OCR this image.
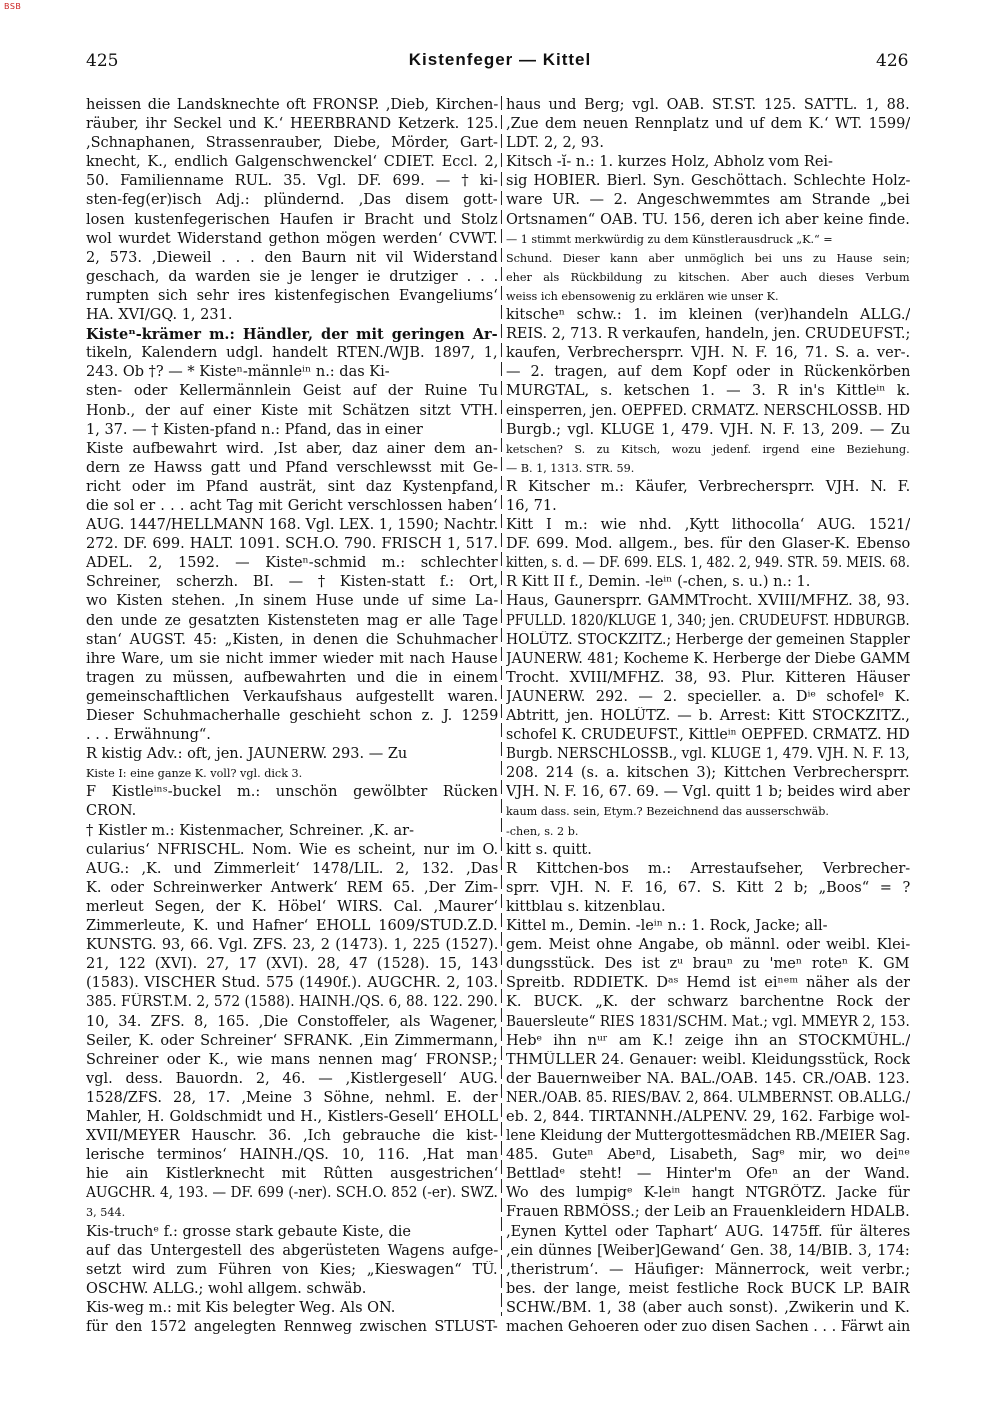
BSB
425	Kistenfeger — Kittel	426
heissen die Landsknechte oft FRONSP. ‚Dieb, Kirchen-
räuber, ihr Seckel und K.‘ HEERBRAND Ketzerk. 125.
‚Schnaphanen, Strassenrauber, Diebe, Mörder, Gart-
knecht, K., endlich Galgenschwenckel‘ CDIET. Eccl. 2,
50. Familienname RUL. 35. Vgl. DF. 699. — † ki-
sten-feg(er)isch Adj.: plündernd. ‚Das disem gott-
losen kustenfegerischen Haufen ir Bracht und Stolz
wol wurdet Widerstand gethon mögen werden‘ CVWT.
2, 573. ‚Dieweil . . . den Baurn nit vil Widerstand
geschach, da warden sie je lenger ie drutziger . . .
rumpten sich sehr ires kistenfegischen Evangeliums‘
HA. XVI/GQ. 1, 231.
Kisteⁿ-krämer m.: Händler, der mit geringen Ar-
tikeln, Kalendern udgl. handelt RTEN./WJB. 1897, 1,
243. Ob †? — * Kisteⁿ-männleⁱⁿ n.: das Ki-
sten- oder Kellermännlein Geist auf der Ruine Tu
Honb., der auf einer Kiste mit Schätzen sitzt VTH.
1, 37. — † Kisten-pfand n.: Pfand, das in einer
Kiste aufbewahrt wird. ‚Ist aber, daz ainer dem an-
dern ze Hawss gatt und Pfand verschlewsst mit Ge-
richt oder im Pfand austrät, sint daz Kystenpfand,
die sol er . . . acht Tag mit Gericht verschlossen haben‘
AUG. 1447/HELLMANN 168. Vgl. LEX. 1, 1590; Nachtr.
272. DF. 699. HALT. 1091. SCH.O. 790. FRISCH 1, 517.
ADEL. 2, 1592. — Kisteⁿ-schmid m.: schlechter
Schreiner, scherzh. BI. — † Kisten-statt f.: Ort,
wo Kisten stehen. ‚In sinem Huse unde uf sime La-
den unde ze gesatzten Kistensteten mag er alle Tage
stan‘ AUGST. 45: „Kisten, in denen die Schuhmacher
ihre Ware, um sie nicht immer wieder mit nach Hause
tragen zu müssen, aufbewahrten und die in einem
gemeinschaftlichen Verkaufshaus aufgestellt waren.
Dieser Schuhmacherhalle geschieht schon z. J. 1259
. . . Erwähnung“.
R kistig Adv.: oft, jen. JAUNERW. 293. — Zu
Kiste I: eine ganze K. voll? vgl. dick 3.
F Kistleⁱⁿˢ-buckel m.: unschön gewölbter Rücken
CRON.
† Kistler m.: Kistenmacher, Schreiner. ‚K. ar-
cularius‘ NFRISCHL. Nom. Wie es scheint, nur im O.
AUG.: ‚K. und Zimmerleit‘ 1478/LIL. 2, 132. ‚Das
K. oder Schreinwerker Antwerk‘ REM 65. ‚Der Zim-
merleut Segen, der K. Höbel‘ WIRS. Cal. ‚Maurer‘
Zimmerleute, K. und Hafner‘ EHOLL 1609/STUD.Z.D.
KUNSTG. 93, 66. Vgl. ZFS. 23, 2 (1473). 1, 225 (1527).
21, 122 (XVI). 27, 17 (XVI). 28, 47 (1528). 15, 143
(1583). VISCHER Stud. 575 (1490f.). AUGCHR. 2, 103.
385. FÜRST.M. 2, 572 (1588). HAINH./QS. 6, 88. 122. 290.
10, 34. ZFS. 8, 165. ‚Die Constoffeler, als Wagener,
Seiler, K. oder Schreiner‘ SFRANK. ‚Ein Zimmermann,
Schreiner oder K., wie mans nennen mag‘ FRONSP.;
vgl. dess. Bauordn. 2, 46. — ‚Kistlergesell‘ AUG.
1528/ZFS. 28, 17. ‚Meine 3 Söhne, nehml. E. der
Mahler, H. Goldschmidt und H., Kistlers-Gesell‘ EHOLL
XVII/MEYER Hauschr. 36. ‚Ich gebrauche die kist-
lerische terminos‘ HAINH./QS. 10, 116. ‚Hat man
hie ain Kistlerknecht mit Rûtten ausgestrichen‘
AUGCHR. 4, 193. — DF. 699 (-ner). SCH.O. 852 (-er). SWZ.
3, 544.
Kis-truchᵉ f.: grosse stark gebaute Kiste, die
auf das Untergestell des abgerüsteten Wagens aufge-
setzt wird zum Führen von Kies; „Kieswagen“ TÜ.
OSCHW. ALLG.; wohl allgem. schwäb.
Kis-weg m.: mit Kis belegter Weg. Als ON.
für den 1572 angelegten Rennweg zwischen STLUST-
haus und Berg; vgl. OAB. ST.ST. 125. SATTL. 1, 88.
‚Zue dem neuen Rennplatz und uf dem K.‘ WT. 1599/
LDT. 2, 2, 93.
Kitsch -ĭ- n.: 1. kurzes Holz, Abholz vom Rei-
sig HOBIER. Bierl. Syn. Geschöttach. Schlechte Holz-
ware UR. — 2. Angeschwemmtes am Strande „bei
Ortsnamen“ OAB. TU. 156, deren ich aber keine finde.
— 1 stimmt merkwürdig zu dem Künstlerausdruck „K.“ =
Schund. Dieser kann aber unmöglich bei uns zu Hause sein;
eher als Rückbildung zu kitschen. Aber auch dieses Verbum
weiss ich ebensowenig zu erklären wie unser K.
kitscheⁿ schw.: 1. im kleinen (ver)handeln ALLG./
REIS. 2, 713. R verkaufen, handeln, jen. CRUDEUFST.;
kaufen, Verbrechersprr. VJH. N. F. 16, 71. S. a. ver-.
— 2. tragen, auf dem Kopf oder in Rückenkörben
MURGTAL, s. ketschen 1. — 3. R in's Kittleⁱⁿ k.
einsperren, jen. OEPFED. CRMATZ. NERSCHLOSSB. HD
Burgb.; vgl. KLUGE 1, 479. VJH. N. F. 13, 209. — Zu
ketschen? S. zu Kitsch, wozu jedenf. irgend eine Beziehung.
— B. 1, 1313. STR. 59.
R Kitscher m.: Käufer, Verbrechersprr. VJH. N. F.
16, 71.
Kitt I m.: wie nhd. ‚Kytt lithocolla‘ AUG. 1521/
DF. 699. Mod. allgem., bes. für den Glaser-K. Ebenso
kitten, s. d. — DF. 699. ELS. 1, 482. 2, 949. STR. 59. MEIS. 68.
R Kitt II f., Demin. -leⁱⁿ (-chen, s. u.) n.: 1.
Haus, Gaunersprr. GAMMTrocht. XVIII/MFHZ. 38, 93.
PFULLD. 1820/KLUGE 1, 340; jen. CRUDEUFST. HDBURGB.
HOLÜTZ. STOCKZITZ.; Herberge der gemeinen Stappler
JAUNERW. 481; Kocheme K. Herberge der Diebe GAMM
Trocht. XVIII/MFHZ. 38, 93. Plur. Kitteren Häuser
JAUNERW. 292. — 2. specieller. a. Dⁱᵉ schofelᵉ K.
Abtritt, jen. HOLÜTZ. — b. Arrest: Kitt STOCKZITZ.,
schofel K. CRUDEUFST., Kittleⁱⁿ OEPFED. CRMATZ. HD
Burgb. NERSCHLOSSB., vgl. KLUGE 1, 479. VJH. N. F. 13,
208. 214 (s. a. kitschen 3); Kittchen Verbrechersprr.
VJH. N. F. 16, 67. 69. — Vgl. quitt 1 b; beides wird aber
kaum dass. sein, Etym.? Bezeichnend das ausserschwäb.
-chen, s. 2 b.
kitt s. quitt.
R Kittchen-bos m.: Arrestaufseher, Verbrecher-
sprr. VJH. N. F. 16, 67. S. Kitt 2 b; „Boos“ = ?
kittblau s. kitzenblau.
Kittel m., Demin. -leⁱⁿ n.: 1. Rock, Jacke; all-
gem. Meist ohne Angabe, ob männl. oder weibl. Klei-
dungsstück. Des ist zᵘ brauⁿ zu 'meⁿ roteⁿ K. GM
Spreitb. RDDIETK. Dᵃˢ Hemd ist eiⁿᵉᵐ näher als der
K. BUCK. „K. der schwarz barchentne Rock der
Bauersleute“ RIES 1831/SCHM. Mat.; vgl. MMEYR 2, 153.
Hebᵉ ihn nᵘʳ am K.! zeige ihn an STOCKMÜHL./
THMÜLLER 24. Genauer: weibl. Kleidungsstück, Rock
der Bauernweiber NA. BAL./OAB. 145. CR./OAB. 123.
NER./OAB. 85. RIES/BAV. 2, 864. ULMBERNST. OB.ALLG./
eb. 2, 844. TIRTANNH./ALPENV. 29, 162. Farbige wol-
lene Kleidung der Muttergottesmädchen RB./MEIER Sag.
485. Guteⁿ Abeⁿd, Lisabeth, Sagᵉ mir, wo deiⁿᵉ
Bettladᵉ steht! — Hinter'm Ofeⁿ an der Wand.
Wo des lumpigᵉ K-leⁱⁿ hangt NTGRÖTZ. Jacke für
Frauen RBMÖSS.; der Leib an Frauenkleidern HDALB.
‚Eynen Kyttel oder Taphart‘ AUG. 1475ff. für älteres
‚ein dünnes [Weiber]Gewand‘ Gen. 38, 14/BIB. 3, 174:
‚theristrum‘. — Häufiger: Männerrock, weit verbr.;
bes. der lange, meist festliche Rock BUCK LP. BAIR
SCHW./BM. 1, 38 (aber auch sonst). ‚Zwikerin und K.
machen Gehoeren oder zuo disen Sachen . . . Färwt ain
